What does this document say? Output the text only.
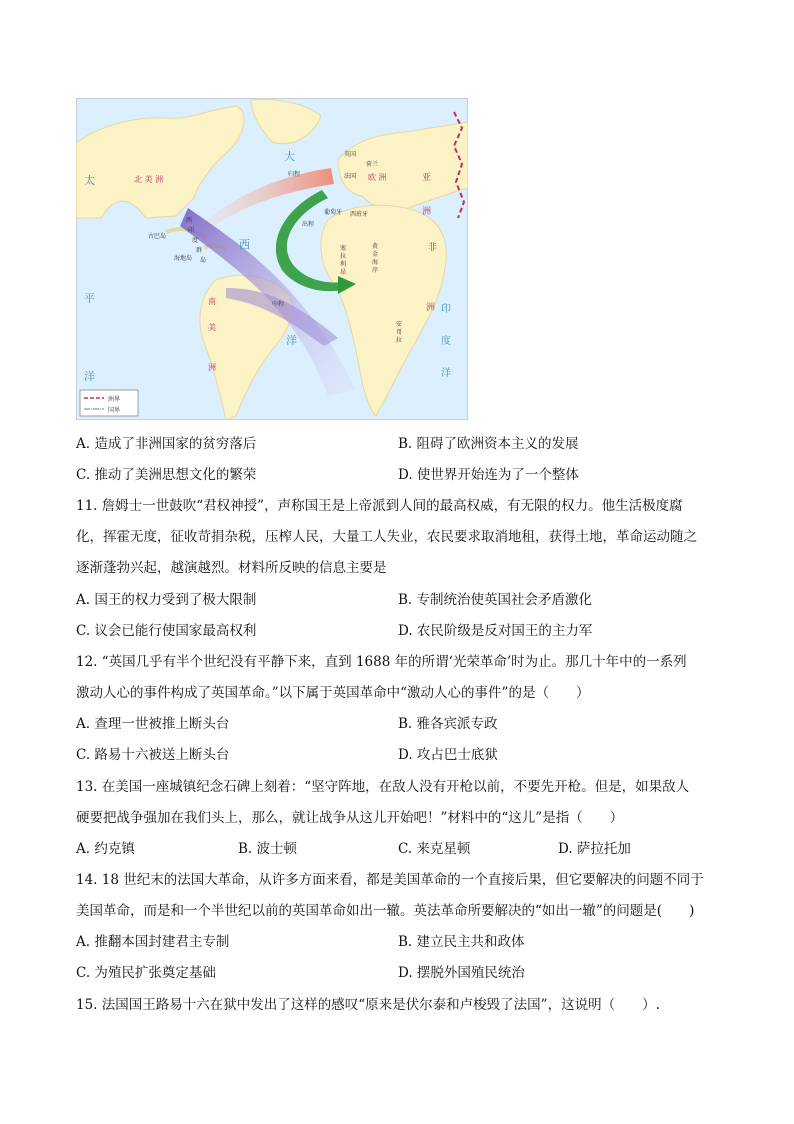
洲界
国界
北 美 洲
太
平
洋
大
西
洋
欧 洲
非
洲
亚
洲
印
度
洋
南
美
洲
英国
荷兰
法国
葡萄牙 西班牙
归程
出程
中程
古巴岛
海地岛
西
印
度
群
岛
塞
拉
利
昂
黄
金
海
岸
安
哥
拉
A. 造成了非洲国家的贫穷落后	B. 阻碍了欧洲资本主义的发展
C. 推动了美洲思想文化的繁荣	D. 使世界开始连为了一个整体
11. 詹姆士一世鼓吹“君权神授”，声称国王是上帝派到人间的最高权威，有无限的权力。他生活极度腐
化，挥霍无度，征收苛捐杂税，压榨人民，大量工人失业，农民要求取消地租，获得土地，革命运动随之
逐渐蓬勃兴起，越演越烈。材料所反映的信息主要是
A. 国王的权力受到了极大限制	B. 专制统治使英国社会矛盾激化
C. 议会已能行使国家最高权利	D. 农民阶级是反对国王的主力军
12. “英国几乎有半个世纪没有平静下来，直到 1688 年的所谓‘光荣革命’时为止。那几十年中的一系列
激动人心的事件构成了英国革命。”以下属于英国革命中“激动人心的事件”的是（　　）
A. 查理一世被推上断头台	B. 雅各宾派专政
C. 路易十六被送上断头台	D. 攻占巴士底狱
13. 在美国一座城镇纪念石碑上刻着：“坚守阵地，在敌人没有开枪以前，不要先开枪。但是，如果敌人
硬要把战争强加在我们头上，那么，就让战争从这儿开始吧！”材料中的“这儿”是指（　　）
A. 约克镇	B. 波士顿	C. 来克星顿	D. 萨拉托加
14. 18 世纪末的法国大革命，从许多方面来看，都是美国革命的一个直接后果，但它要解决的问题不同于
美国革命，而是和一个半世纪以前的英国革命如出一辙。英法革命所要解决的“如出一辙”的问题是(　　)
A. 推翻本国封建君主专制	B. 建立民主共和政体
C. 为殖民扩张奠定基础	D. 摆脱外国殖民统治
15. 法国国王路易十六在狱中发出了这样的感叹“原来是伏尔泰和卢梭毁了法国”，这说明（　　）.
